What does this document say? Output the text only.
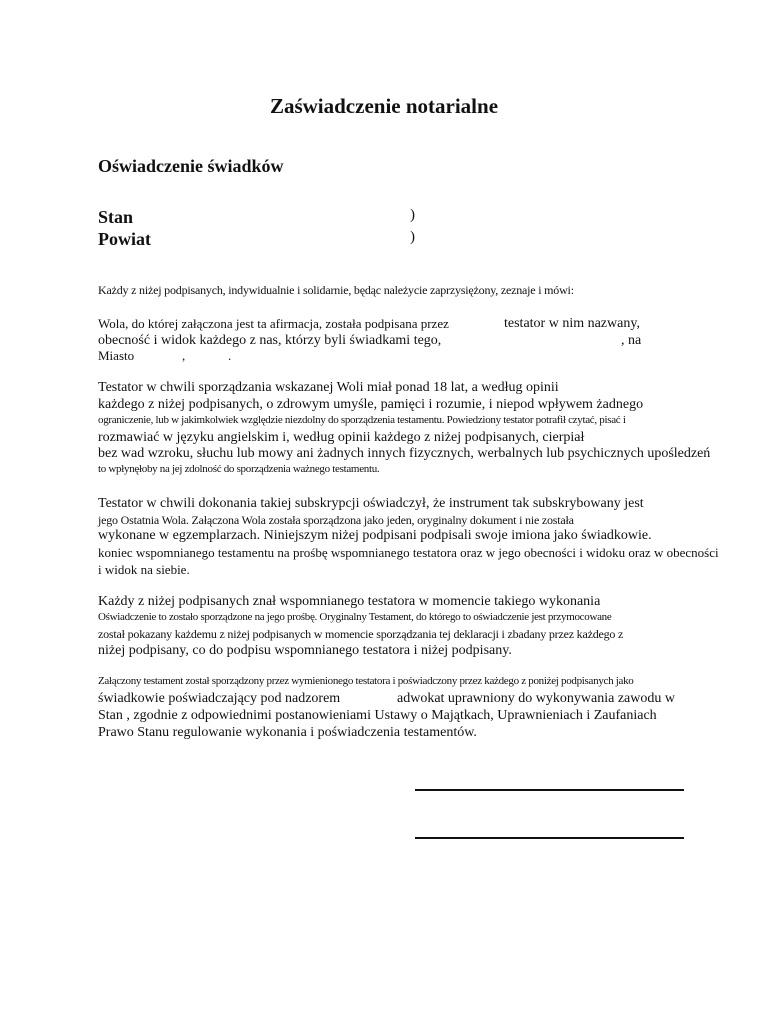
Zaświadczenie notarialne
Oświadczenie świadków
Stan	)
Powiat	)
Każdy z niżej podpisanych, indywidualnie i solidarnie, będąc należycie zaprzysiężony, zeznaje i mówi:
Wola, do której załączona jest ta afirmacja, została podpisana przez	testator w nim nazwany,
obecność i widok każdego z nas, którzy byli świadkami tego,	, na
Miasto	,	.
Testator w chwili sporządzania wskazanej Woli miał ponad 18 lat, a według opinii
każdego z niżej podpisanych, o zdrowym umyśle, pamięci i rozumie, i niepod wpływem żadnego
ograniczenie, lub w jakimkolwiek względzie niezdolny do sporządzenia testamentu. Powiedziony testator potrafił czytać, pisać i
rozmawiać w języku angielskim i, według opinii każdego z niżej podpisanych, cierpiał
bez wad wzroku, słuchu lub mowy ani żadnych innych fizycznych, werbalnych lub psychicznych upośledzeń
to wpłynęłoby na jej zdolność do sporządzenia ważnego testamentu.
Testator w chwili dokonania takiej subskrypcji oświadczył, że instrument tak subskrybowany jest
jego Ostatnia Wola. Załączona Wola została sporządzona jako jeden, oryginalny dokument i nie została
wykonane w egzemplarzach. Niniejszym niżej podpisani podpisali swoje imiona jako świadkowie.
koniec wspomnianego testamentu na prośbę wspomnianego testatora oraz w jego obecności i widoku oraz w obecności
i widok na siebie.
Każdy z niżej podpisanych znał wspomnianego testatora w momencie takiego wykonania
Oświadczenie to zostało sporządzone na jego prośbę. Oryginalny Testament, do którego to oświadczenie jest przymocowane
został pokazany każdemu z niżej podpisanych w momencie sporządzania tej deklaracji i zbadany przez każdego z
niżej podpisany, co do podpisu wspomnianego testatora i niżej podpisany.
Załączony testament został sporządzony przez wymienionego testatora i poświadczony przez każdego z poniżej podpisanych jako
świadkowie poświadczający pod nadzorem	adwokat uprawniony do wykonywania zawodu w
Stan , zgodnie z odpowiednimi postanowieniami Ustawy o Majątkach, Uprawnieniach i Zaufaniach
Prawo Stanu regulowanie wykonania i poświadczenia testamentów.
